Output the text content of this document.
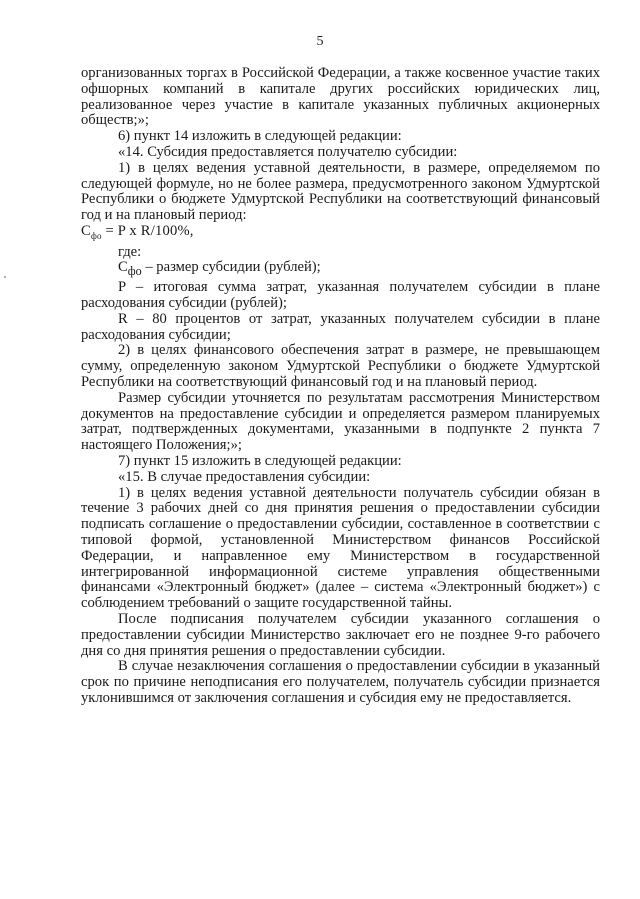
5

организованных торгах в Российской Федерации, а также косвенное участие таких офшорных компаний в капитале других российских юридических лиц, реализованное через участие в капитале указанных публичных акционерных обществ;»;

6) пункт 14 изложить в следующей редакции:

«14. Субсидия предоставляется получателю субсидии:

1) в целях ведения уставной деятельности, в размере, определяемом по следующей формуле, но не более размера, предусмотренного законом Удмуртской Республики о бюджете Удмуртской Республики на соответствующий финансовый год и на плановый период:

$С_{фо} = P$ x R/100%,

где:

$С_{фо}$ – размер субсидии (рублей);

P – итоговая сумма затрат, указанная получателем субсидии в плане расходования субсидии (рублей);

R – 80 процентов от затрат, указанных получателем субсидии в плане расходования субсидии;

2) в целях финансового обеспечения затрат в размере, не превышающем сумму, определенную законом Удмуртской Республики о бюджете Удмуртской Республики на соответствующий финансовый год и на плановый период.

Размер субсидии уточняется по результатам рассмотрения Министерством документов на предоставление субсидии и определяется размером планируемых затрат, подтвержденных документами, указанными в подпункте 2 пункта 7 настоящего Положения;»;

7) пункт 15 изложить в следующей редакции:

«15. В случае предоставления субсидии:

1) в целях ведения уставной деятельности получатель субсидии обязан в течение 3 рабочих дней со дня принятия решения о предоставлении субсидии подписать соглашение о предоставлении субсидии, составленное в соответствии с типовой формой, установленной Министерством финансов Российской Федерации, и направленное ему Министерством в государственной интегрированной информационной системе управления общественными финансами «Электронный бюджет» (далее – система «Электронный бюджет») с соблюдением требований о защите государственной тайны.

После подписания получателем субсидии указанного соглашения о предоставлении субсидии Министерство заключает его не позднее 9-го рабочего дня со дня принятия решения о предоставлении субсидии.

В случае незаключения соглашения о предоставлении субсидии в указанный срок по причине неподписания его получателем, получатель субсидии признается уклонившимся от заключения соглашения и субсидия ему не предоставляется.
